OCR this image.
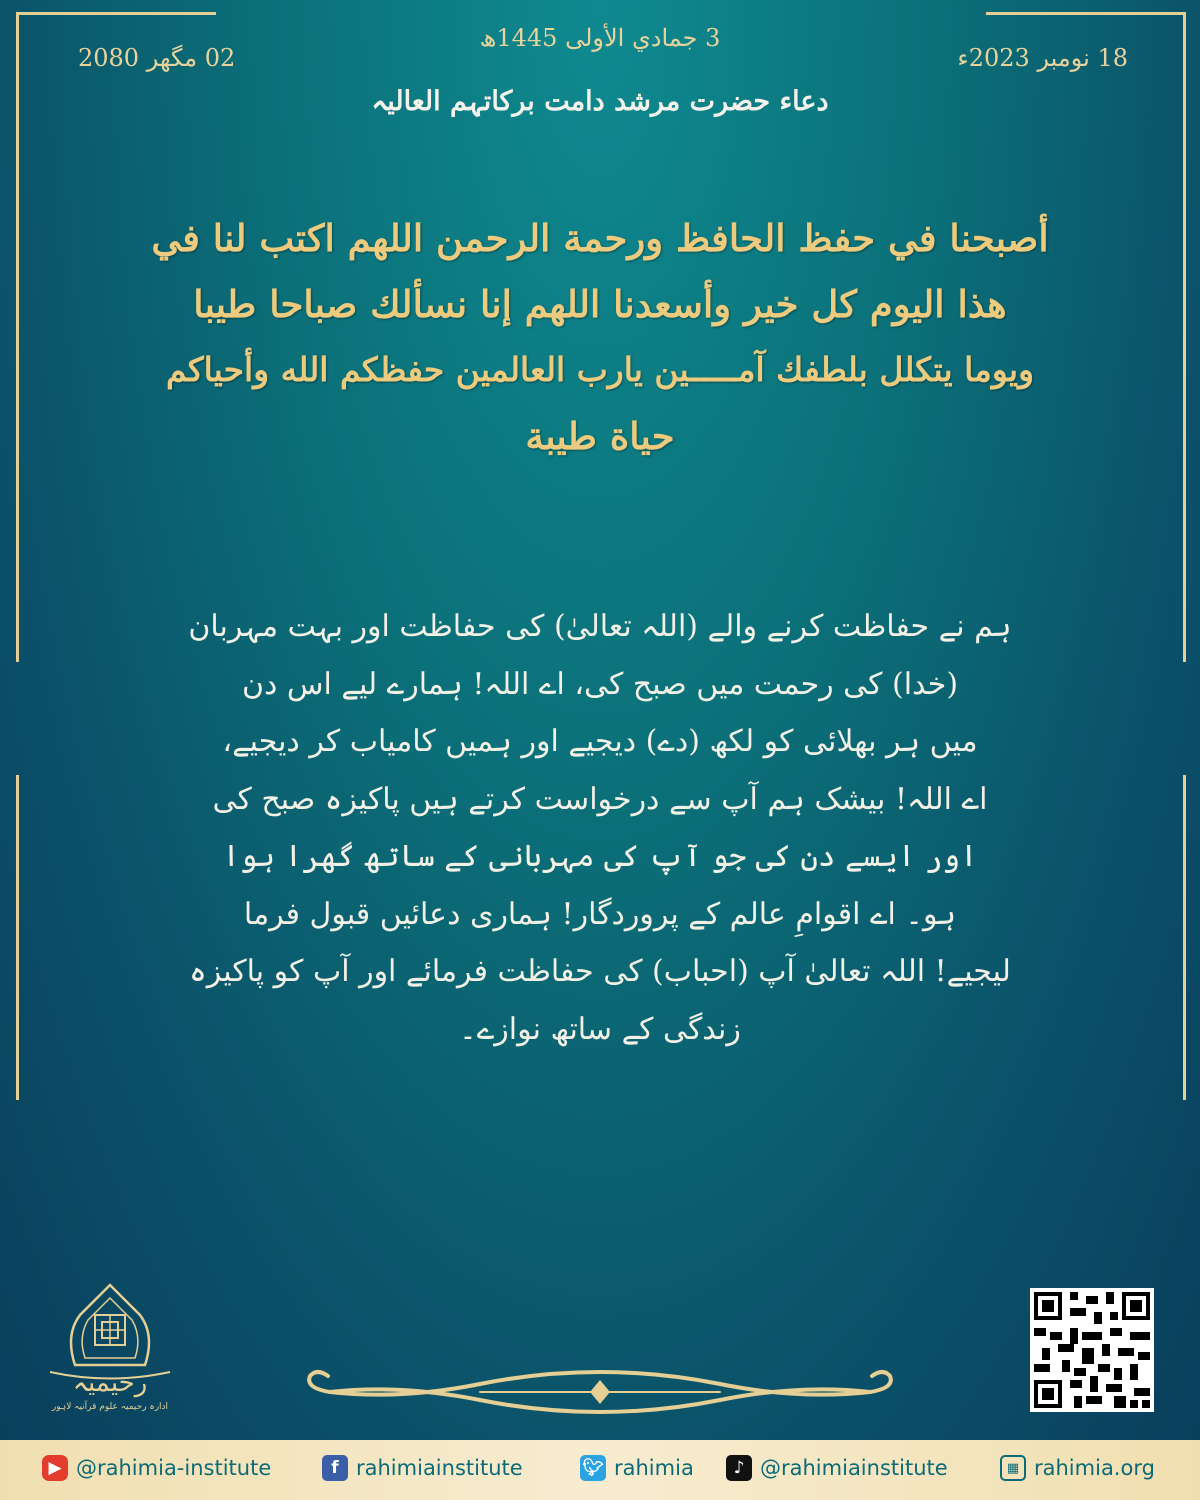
3 جمادي الأولى 1445ھ
02 مگھر 2080	18 نومبر 2023ء
دعاء حضرت مرشد دامت برکاتہم العالیہ
أصبحنا في حفظ الحافظ ورحمة الرحمن اللهم اكتب لنا في
هذا اليوم كل خير وأسعدنا اللهم إنا نسألك صباحا طيبا
ويوما يتكلل بلطفك آمـــــين يارب العالمين حفظكم الله وأحياكم
حياة طيبة
ہم نے حفاظت کرنے والے (اللہ تعالیٰ) کی حفاظت اور بہت مہربان
(خدا) کی رحمت میں صبح کی، اے اللہ! ہمارے لیے اس دن
میں ہر بھلائی کو لکھ (دے) دیجیے اور ہمیں کامیاب کر دیجیے،
اے اللہ! بیشک ہم آپ سے درخواست کرتے ہیں پاکیزہ صبح کی
اور ایسے دن کی جو آپ کی مہربانی کے ساتھ گھرا ہوا
ہو۔ اے اقوامِ عالم کے پروردگار! ہماری دعائیں قبول فرما
لیجیے! اللہ تعالیٰ آپ (احباب) کی حفاظت فرمائے اور آپ کو پاکیزہ
زندگی کے ساتھ نوازے۔
رحیمیہ
ادارہ رحیمیہ علوم قرآنیہ لاہور
▶ @rahimia-institute	f rahimiainstitute	🐦︎ rahimia	♪ @rahimiainstitute	▦ rahimia.org
